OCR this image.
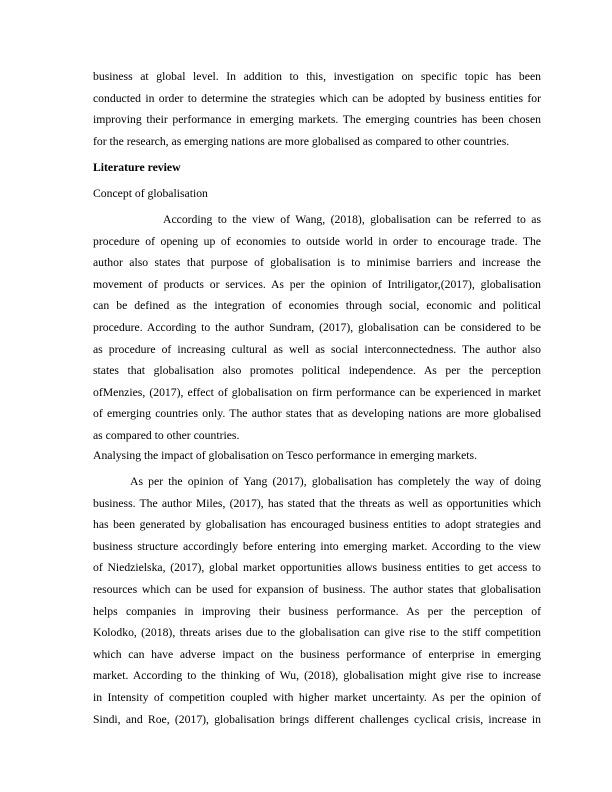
business at global level. In addition to this, investigation on specific topic has been
conducted in order to determine the strategies which can be adopted by business entities for
improving their performance in emerging markets. The emerging countries has been chosen
for the research, as emerging nations are more globalised as compared to other countries.
Literature review
Concept of globalisation
According to the view of Wang, (2018), globalisation can be referred to as
procedure of opening up of economies to outside world in order to encourage trade. The
author also states that purpose of globalisation is to minimise barriers and increase the
movement of products or services. As per the opinion of Intriligator,(2017), globalisation
can be defined as the integration of economies through social, economic and political
procedure. According to the author Sundram, (2017), globalisation can be considered to be
as procedure of increasing cultural as well as social interconnectedness. The author also
states that globalisation also promotes political independence. As per the perception
ofMenzies, (2017), effect of globalisation on firm performance can be experienced in market
of emerging countries only. The author states that as developing nations are more globalised
as compared to other countries.
Analysing the impact of globalisation on Tesco performance in emerging markets.
As per the opinion of Yang (2017), globalisation has completely the way of doing
business. The author Miles, (2017), has stated that the threats as well as opportunities which
has been generated by globalisation has encouraged business entities to adopt strategies and
business structure accordingly before entering into emerging market. According to the view
of Niedzielska, (2017), global market opportunities allows business entities to get access to
resources which can be used for expansion of business. The author states that globalisation
helps companies in improving their business performance. As per the perception of
Kolodko, (2018), threats arises due to the globalisation can give rise to the stiff competition
which can have adverse impact on the business performance of enterprise in emerging
market. According to the thinking of Wu, (2018), globalisation might give rise to increase
in Intensity of competition coupled with higher market uncertainty. As per the opinion of
Sindi, and Roe, (2017), globalisation brings different challenges cyclical crisis, increase in
